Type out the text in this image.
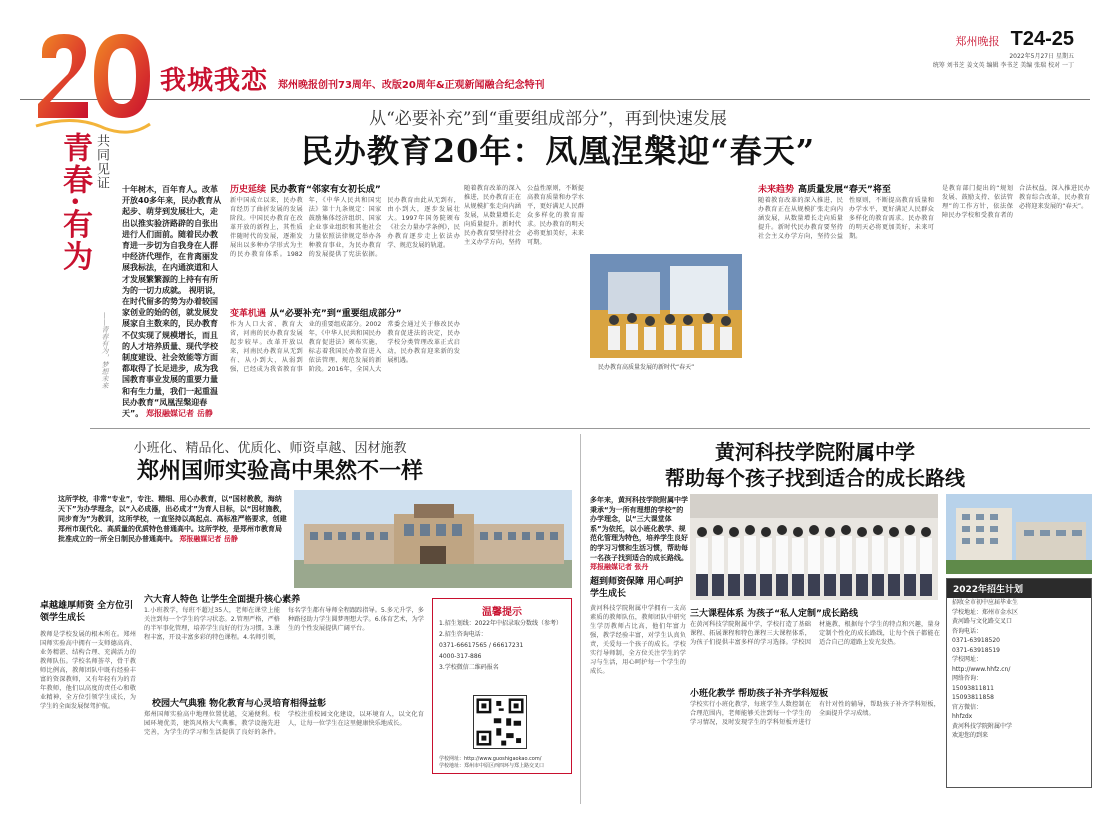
我城我恋 郑州晚报创刊73周年、改版20周年&正观新闻融合纪念特刊
郑州晚报 T24-25
2022年5月27日 星期五
统筹 刘书芝 姜文英 编辑 李书芝 美编 张瑞 校对 一丁
青春·有为 共同见证
——青春有为，梦想未来
从“必要补充”到“重要组成部分”，再到快速发展
民办教育20年：凤凰涅槃迎“春天”
十年树木，百年育人。改革开放40多年来，民办教育从起步、萌芽到发展壮大，走出以推实验济路辟的自张出进行人们面前。随着民办教育进一步切为自我身在人群中经济代理作，在肯离丽发展我标法，在内通滨道和人才发展繁繁源的上持有有所为的一切力成就。 视明说，在时代留多的势为办着较国家创业的始的创，就发展发展家自主数来的，民办教育不仅实现了规模增长，而且的人才培养质量、现代学校制度建设、社会效能等方面都取得了长足进步，成为我国教育事业发展的重要力量和有生力量，我们一起重温民办教育“凤凰涅槃迎春天”。 郑报融媒记者 岳静
历史延续 民办教育“邻家有女初长成”
新中国成立以来，民办教育经历了曲折发展的发展阶段。中国民办教育在改革开放的新程上，其性质伴随时代的发展，逐渐发展出以多种办学形式为主的民办教育体系。1982年，《中华人民共和国宪法》第十九条规定：国家鼓励集体经济组织、国家企业事业组织和其他社会力量依照法律规定举办各种教育事业，为民办教育的发展提供了宪法依据。民办教育由此从无到有，由小到大，逐步发展壮大。1997年国务院颁布《社会力量办学条例》，民办教育逐步走上依法办学、规范发展的轨道。
变革机遇 从“必要补充”到“重要组成部分”
作为人口大省、教育大省，河南的民办教育发展起步较早。改革开放以来，河南民办教育从无到有、从小到大，从弱到强，已经成为我省教育事业的重要组成部分。2002年，《中华人民共和国民办教育促进法》颁布实施，标志着我国民办教育进入依法管理、规范发展的新阶段。2016年，全国人大常委会通过关于修改民办教育促进法的决定，民办学校分类管理改革正式启动，民办教育迎来新的发展机遇。
随着教育改革的深入推进，民办教育正在从规模扩张走向内涵发展，从数量增长走向质量提升。新时代民办教育要坚持社会主义办学方向，坚持公益性原则，不断提高教育质量和办学水平，更好满足人民群众多样化的教育需求。民办教育的明天必将更加美好，未来可期。
民办教育高质量发展的新时代“春天”
未来趋势 高质量发展“春天”将至
随着教育改革的深入推进，民办教育正在从规模扩张走向内涵发展，从数量增长走向质量提升。新时代民办教育要坚持社会主义办学方向，坚持公益性原则，不断提高教育质量和办学水平，更好满足人民群众多样化的教育需求。民办教育的明天必将更加美好，未来可期。
是教育部门提出的“规划发展、鼓励支持、依法管理”的工作方针，依法保障民办学校和受教育者的合法权益，深入推进民办教育综合改革，民办教育必将迎来发展的“春天”。
小班化、精品化、优质化、师资卓越、因材施教
郑州国师实验高中果然不一样
这所学校，非常“专业”，专注、精细、用心办教育，以“国材教教，海纳天下”为办学理念，以“入必成器，出必成才”为育人目标，以“因材施教，同步育为”为教训，这所学校，一直坚持以高起点、高标准严格要求，创建郑州市现代化、高质量的优质特色普通高中。这所学校，是郑州市教育局批准成立的一所全日制民办普通高中。 郑报融媒记者 岳静
卓越雄厚师资 全方位引领学生成长
教师是学校发展的根本所在。郑州国师实验高中拥有一支师德高尚、业务精湛、结构合理、充满活力的教师队伍。学校名师荟萃，骨干教师比例高，教师团队中既有经验丰富的资深教师，又有年轻有为的青年教师，他们以高度的责任心和敬业精神，全方位引领学生成长，为学生的全面发展保驾护航。
六大育人特色 让学生全面提升核心素养
1.小班教学，每班不超过35人，老师在课堂上能关注到每一个学生的学习状态。2.管理严格，严格的半军事化管理，培养学生良好的行为习惯。3.课程丰富，开设丰富多彩的特色课程。4.名师引领，每名学生都有导师全程跟踪指导。5.多元升学，多种路径助力学生圆梦理想大学。6.体育艺术，为学生的个性发展提供广阔平台。
校园大气典雅 物化教育与心灵培育相得益彰
郑州国师实验高中地理位置优越，交通便利。校园环境优美，建筑风格大气典雅，教学设施先进完善，为学生的学习和生活提供了良好的条件。学校注重校园文化建设，以环境育人，以文化育人，让每一位学生在这里健康快乐地成长。
温馨提示
1.招生划线：2022年中招录取分数线（参考）
2.招生咨询电话：
0371-66617565 / 66617231
4000-317-886
3.学校微信二维码报名
学校网址：http://www.guoshigaokao.com/
学校地址：郑州市中原区西四环与郑上路交叉口
黄河科技学院附属中学
帮助每个孩子找到适合的成长路线
多年来，黄河科技学院附属中学秉承“为一所有理想的学校”的办学理念，以“三大课堂体系”为依托，以小班化教学、规范化管理为特色，培养学生良好的学习习惯和生活习惯，帮助每一名孩子找到适合的成长路线。 郑报融媒记者 张丹
超到师资保障 用心呵护学生成长
黄河科技学院附属中学拥有一支高素质的教师队伍，教师团队中研究生学历教师占比高，他们年富力强，教学经验丰富，对学生认真负责，关爱每一个孩子的成长。学校实行导师制，全方位关注学生的学习与生活，用心呵护每一个学生的成长。
三大课程体系 为孩子“私人定制”成长路线
在黄河科技学院附属中学，学校打造了基础课程、拓展课程和特色课程三大课程体系，为孩子们提供丰富多样的学习选择。学校因材施教，根据每个学生的特点和兴趣，量身定制个性化的成长路线，让每个孩子都能在适合自己的道路上发光发热。
小班化教学 帮助孩子补齐学科短板
学校实行小班化教学，每班学生人数控制在合理范围内，老师能够关注到每一个学生的学习情况，及时发现学生的学科短板并进行有针对性的辅导，帮助孩子补齐学科短板，全面提升学习成绩。
2022年招生计划
招收全市初中应届毕业生
学校地址：郑州市金水区
黄河路与文化路交叉口
咨询电话：
0371-63918520
0371-63918519
学校网址：
http://www.hhfz.cn/
网络咨询：
15093811811
15093811858
官方微信：
hhfzdx
黄河科技学院附属中学
欢迎您的到来
